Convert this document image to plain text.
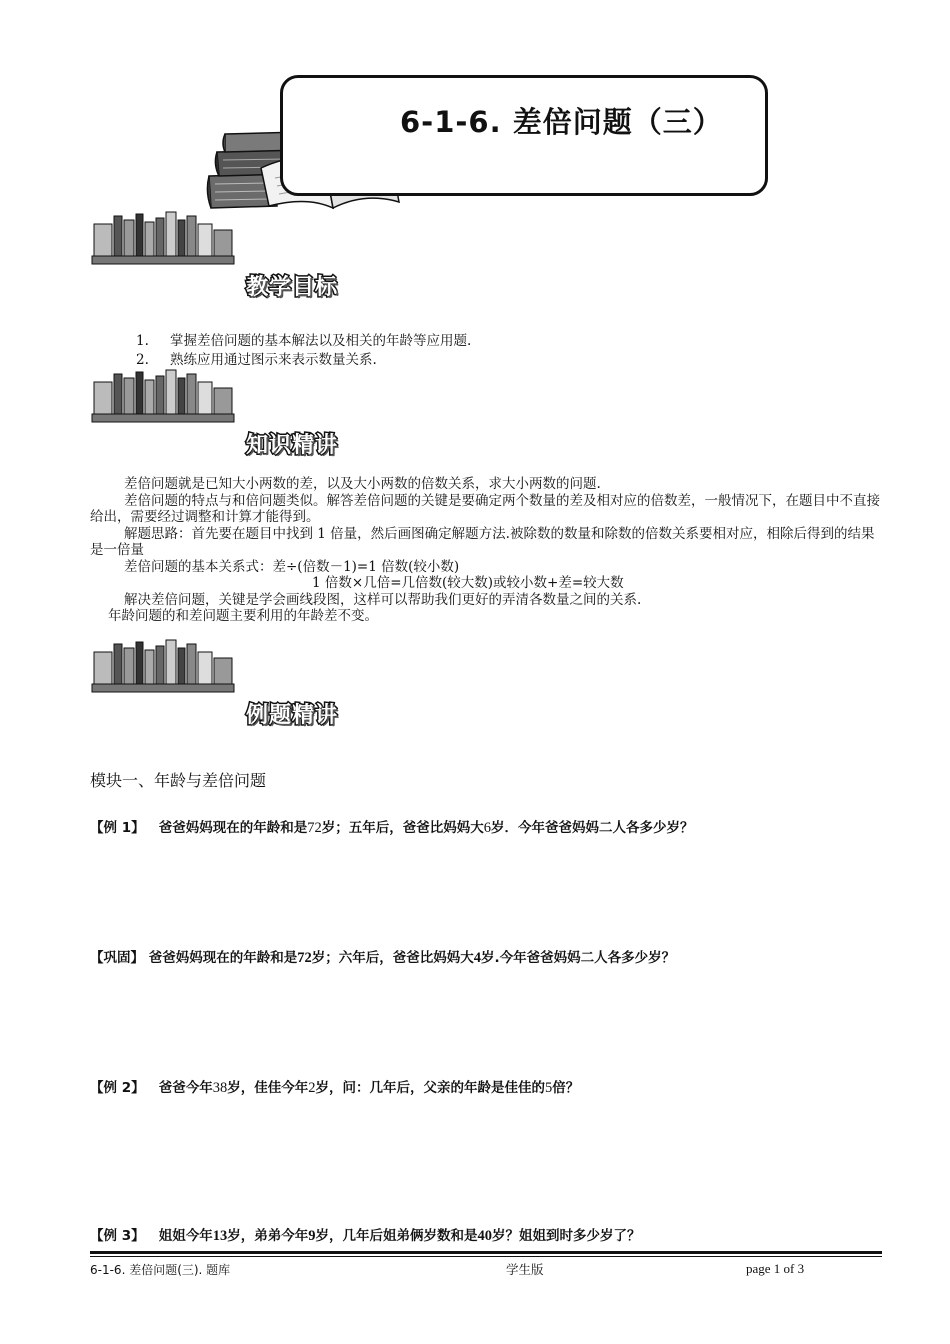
6-1-6. 差倍问题（三）
教学目标
1. 掌握差倍问题的基本解法以及相关的年龄等应用题.
2. 熟练应用通过图示来表示数量关系.
知识精讲

差倍问题就是已知大小两数的差，以及大小两数的倍数关系，求大小两数的问题.

差倍问题的特点与和倍问题类似。解答差倍问题的关键是要确定两个数量的差及相对应的倍数差，一般情况下，在题目中不直接给出，需要经过调整和计算才能得到。

解题思路：首先要在题目中找到 1 倍量，然后画图确定解题方法.被除数的数量和除数的倍数关系要相对应，相除后得到的结果是一倍量

差倍问题的基本关系式：差÷(倍数－1)=1 倍数(较小数)

1 倍数×几倍=几倍数(较大数)或较小数+差=较大数

解决差倍问题，关键是学会画线段图，这样可以帮助我们更好的弄清各数量之间的关系.

年龄问题的和差问题主要利用的年龄差不变。

例题精讲
模块一、年龄与差倍问题
【例 1】 爸爸妈妈现在的年龄和是72岁；五年后，爸爸比妈妈大6岁．今年爸爸妈妈二人各多少岁？
【巩固】 爸爸妈妈现在的年龄和是72岁；六年后，爸爸比妈妈大4岁.今年爸爸妈妈二人各多少岁？
【例 2】 爸爸今年38岁，佳佳今年2岁，问：几年后，父亲的年龄是佳佳的5倍？
【例 3】 姐姐今年13岁，弟弟今年9岁，几年后姐弟俩岁数和是40岁？姐姐到时多少岁了？
6-1-6. 差倍问题(三). 题库	学生版	page 1 of 3
